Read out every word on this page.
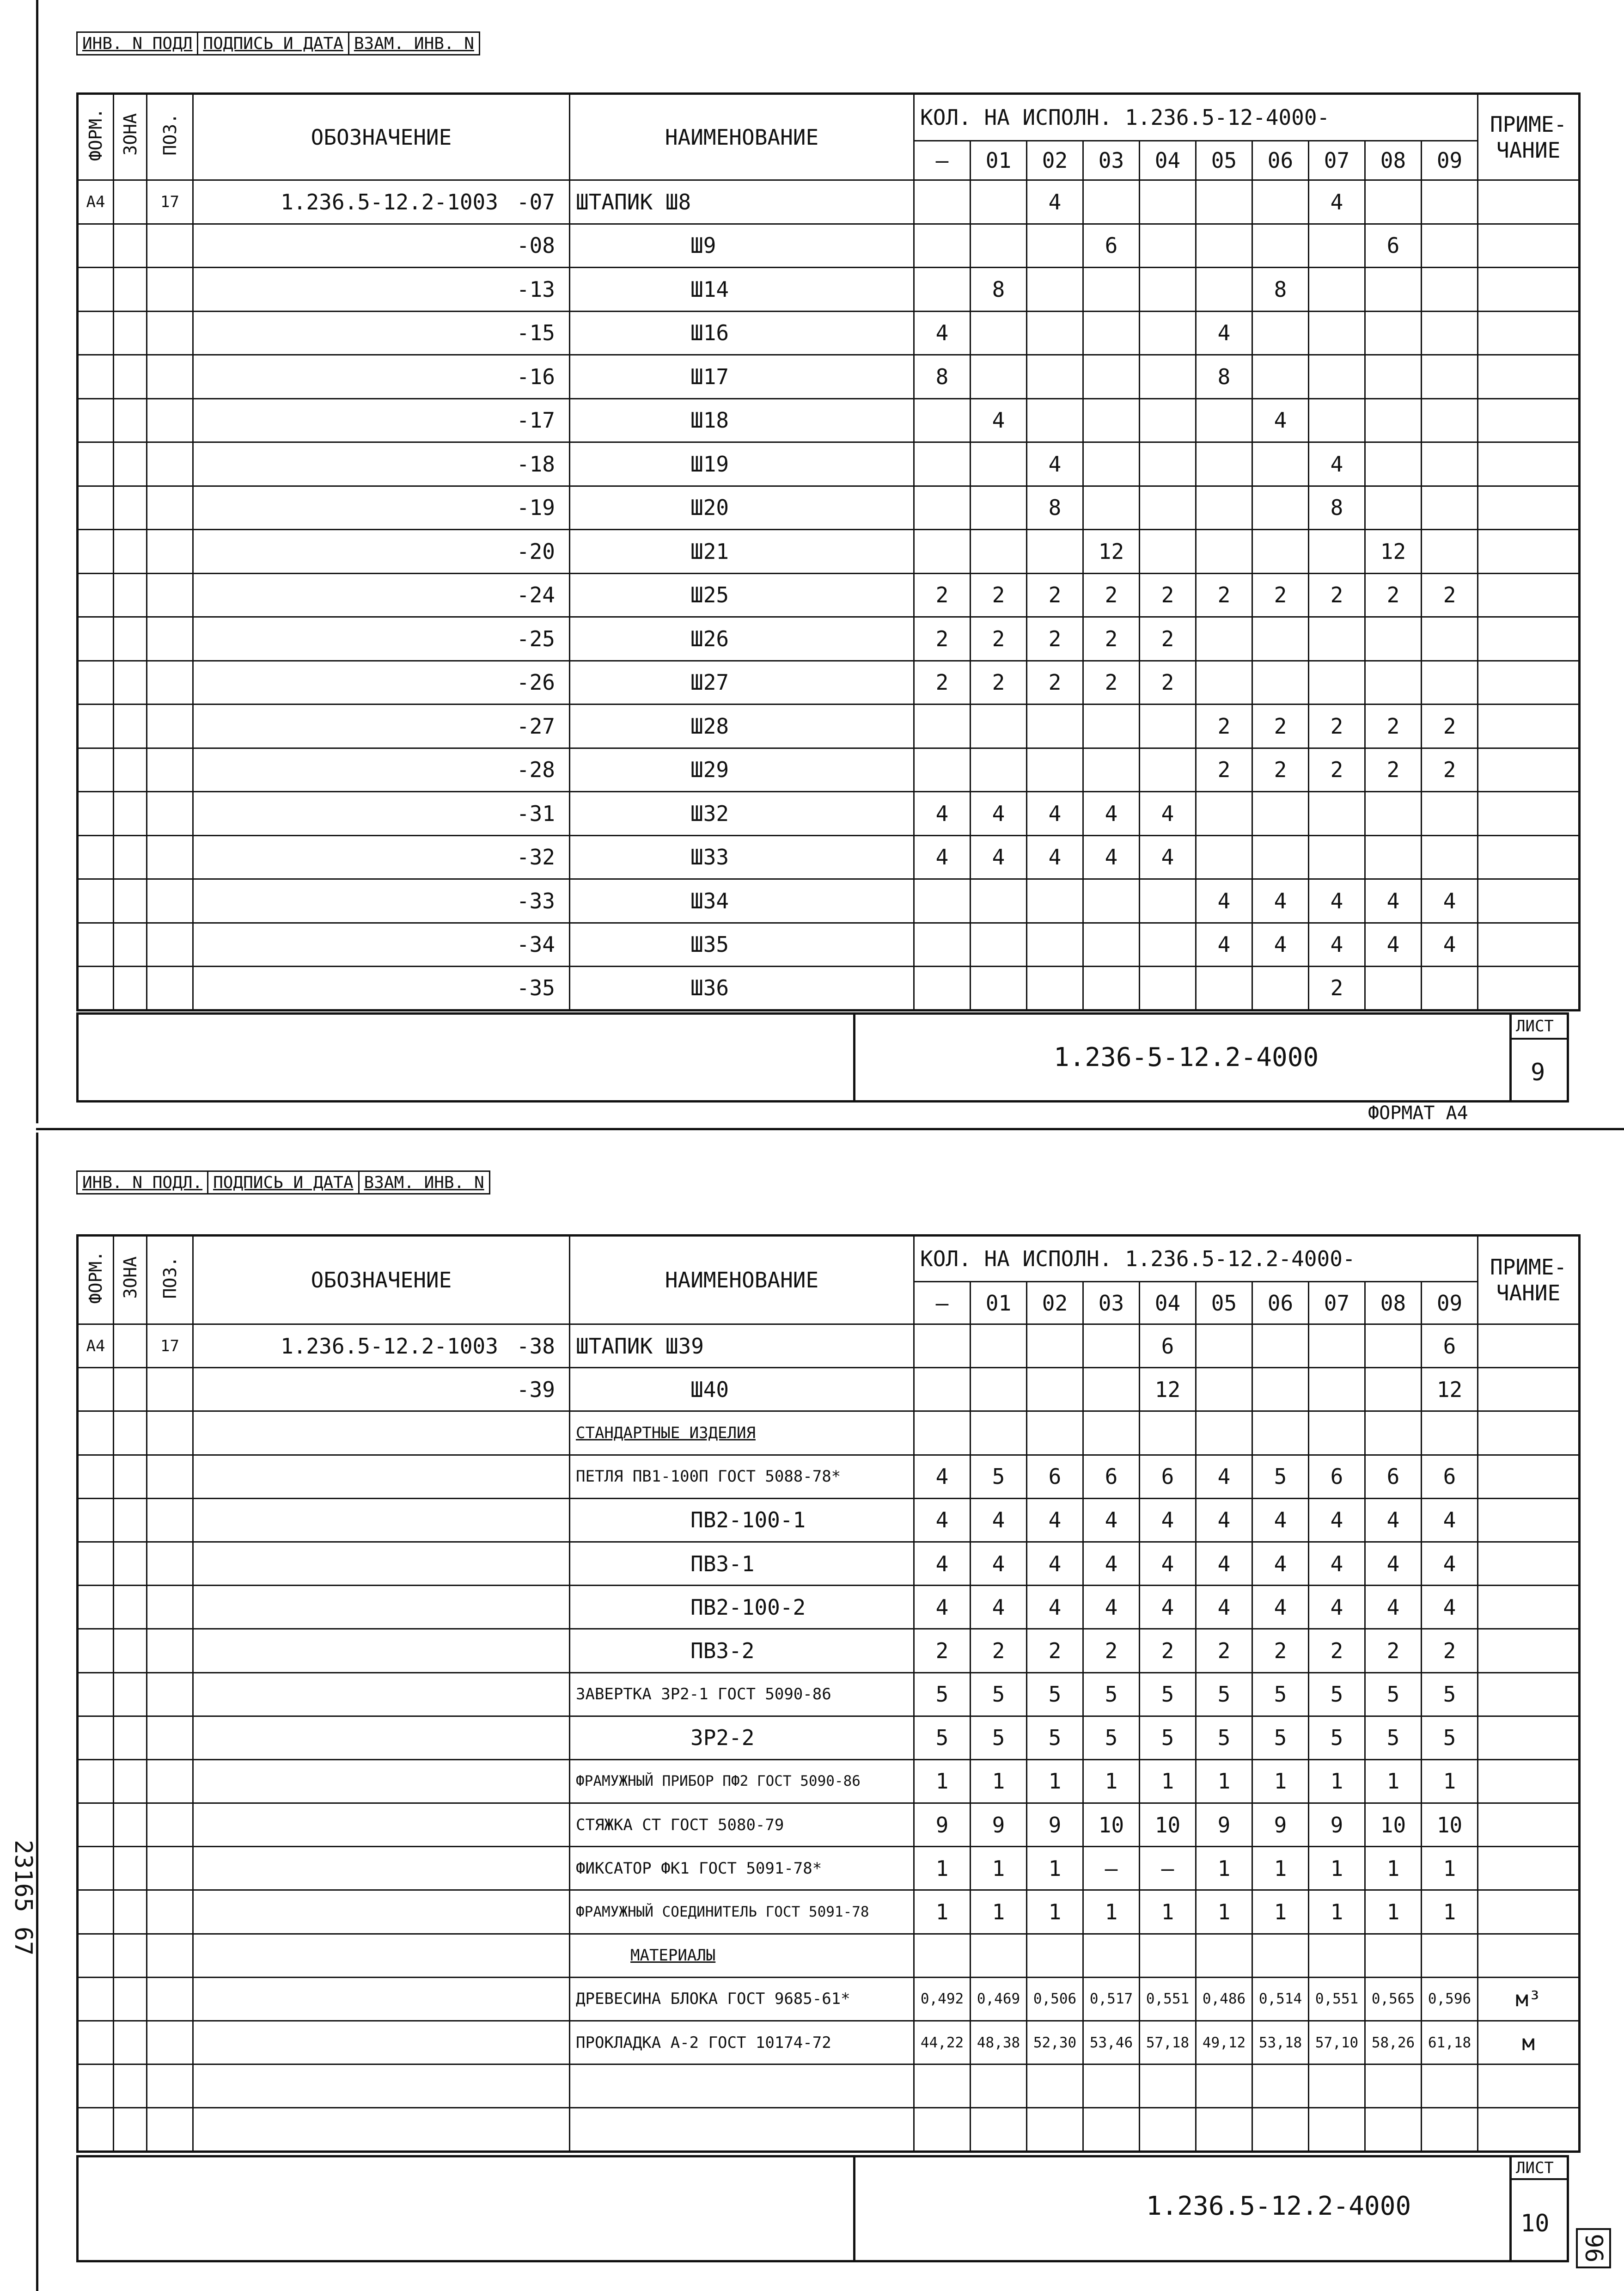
ИНВ. N ПОДЛ	ПОДПИСЬ И ДАТА	ВЗАМ. ИНВ. N
ФОРМ.	ЗОНА	ПОЗ.	ОБОЗНАЧЕНИЕ	НАИМЕНОВАНИЕ	КОЛ. НА ИСПОЛН. 1.236.5-12-4000-										ПРИМЕ- ЧАНИЕ
					–	01	02	03	04	05	06	07	08	09	
А4		17	1.236.5-12.2-1003 -07	ШТАПИК Ш8			4					4			
			-08	Ш9				6					6		
			-13	Ш14		8					8				
			-15	Ш16	4					4					
			-16	Ш17	8					8					
			-17	Ш18		4					4				
			-18	Ш19			4					4			
			-19	Ш20			8					8			
			-20	Ш21				12					12		
			-24	Ш25	2	2	2	2	2	2	2	2	2	2	
			-25	Ш26	2	2	2	2	2						
			-26	Ш27	2	2	2	2	2						
			-27	Ш28						2	2	2	2	2	
			-28	Ш29						2	2	2	2	2	
			-31	Ш32	4	4	4	4	4						
			-32	Ш33	4	4	4	4	4						
			-33	Ш34						4	4	4	4	4	
			-34	Ш35						4	4	4	4	4	
			-35	Ш36								2			
1.236-5-12.2-4000
ЛИСТ
9
ФОРМАТ А4
ИНВ. N ПОДЛ.	ПОДПИСЬ И ДАТА	ВЗАМ. ИНВ. N
ФОРМ.	ЗОНА	ПОЗ.	ОБОЗНАЧЕНИЕ	НАИМЕНОВАНИЕ	КОЛ. НА ИСПОЛН. 1.236.5-12.2-4000-										ПРИМЕ- ЧАНИЕ
					–	01	02	03	04	05	06	07	08	09	
А4		17	1.236.5-12.2-1003 -38	ШТАПИК Ш39					6					6	
			-39	Ш40					12					12	
				СТАНДАРТНЫЕ ИЗДЕЛИЯ											
				ПЕТЛЯ ПВ1-100П ГОСТ 5088-78*	4	5	6	6	6	4	5	6	6	6	
				ПВ2-100-1	4	4	4	4	4	4	4	4	4	4	
				ПВ3-1	4	4	4	4	4	4	4	4	4	4	
				ПВ2-100-2	4	4	4	4	4	4	4	4	4	4	
				ПВ3-2	2	2	2	2	2	2	2	2	2	2	
				ЗАВЕРТКА ЗР2-1 ГОСТ 5090-86	5	5	5	5	5	5	5	5	5	5	
				ЗР2-2	5	5	5	5	5	5	5	5	5	5	
				ФРАМУЖНЫЙ ПРИБОР ПФ2 ГОСТ 5090-86	1	1	1	1	1	1	1	1	1	1	
				СТЯЖКА СТ ГОСТ 5080-79	9	9	9	10	10	9	9	9	10	10	
				ФИКСАТОР ФК1 ГОСТ 5091-78*	1	1	1	–	–	1	1	1	1	1	
				ФРАМУЖНЫЙ СОЕДИНИТЕЛЬ ГОСТ 5091-78	1	1	1	1	1	1	1	1	1	1	
				МАТЕРИАЛЫ											
				ДРЕВЕСИНА БЛОКА ГОСТ 9685-61*	0,492	0,469	0,506	0,517	0,551	0,486	0,514	0,551	0,565	0,596	м³
				ПРОКЛАДКА А-2 ГОСТ 10174-72	44,22	48,38	52,30	53,46	57,18	49,12	53,18	57,10	58,26	61,18	м

1.236.5-12.2-4000
ЛИСТ
10
23165 67
96
